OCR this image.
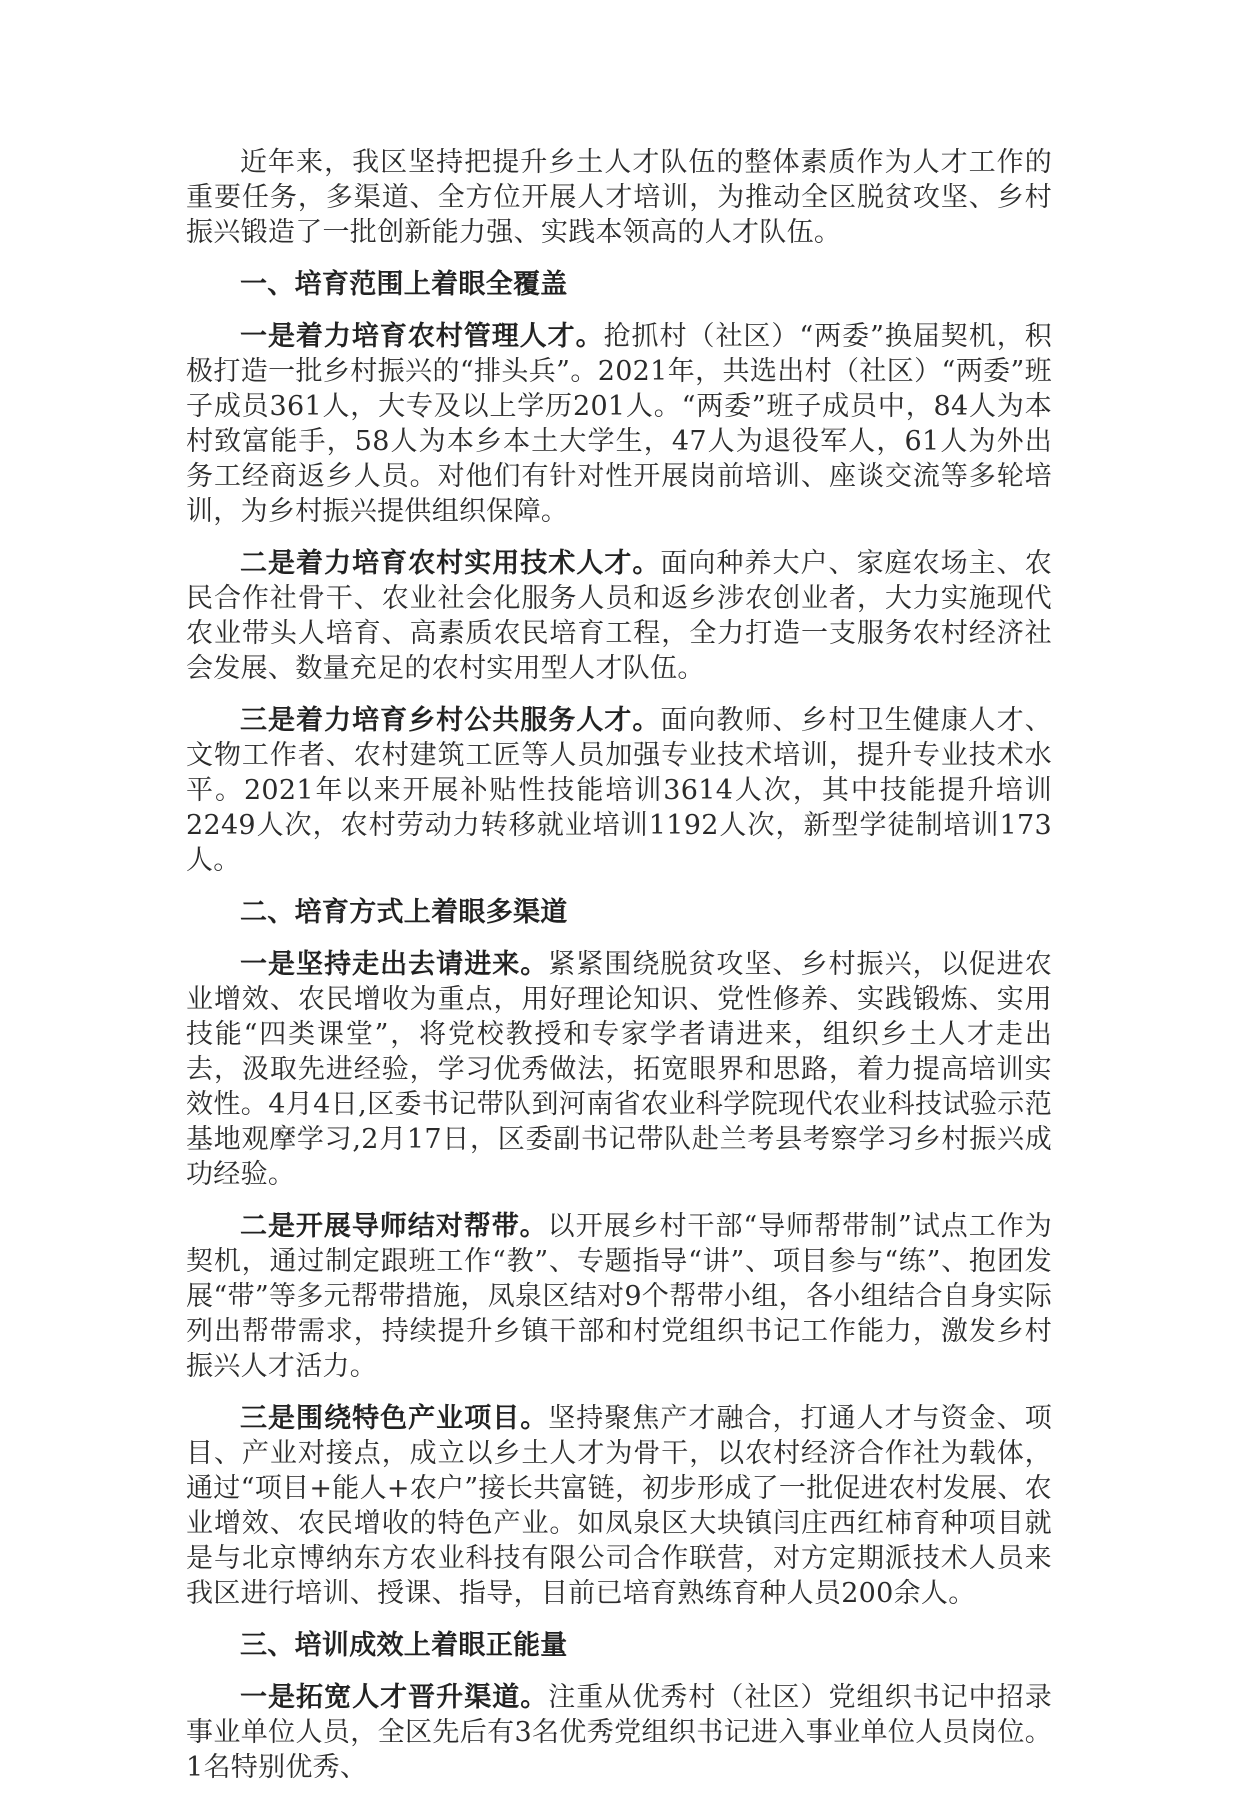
近年来，我区坚持把提升乡土人才队伍的整体素质作为人才工作的重要任务，多渠道、全方位开展人才培训，为推动全区脱贫攻坚、乡村振兴锻造了一批创新能力强、实践本领高的人才队伍。

一、培育范围上着眼全覆盖

一是着力培育农村管理人才。抢抓村（社区）“两委”换届契机，积极打造一批乡村振兴的“排头兵”。2021年，共选出村（社区）“两委”班子成员361人，大专及以上学历201人。“两委”班子成员中，84人为本村致富能手，58人为本乡本土大学生，47人为退役军人，61人为外出务工经商返乡人员。对他们有针对性开展岗前培训、座谈交流等多轮培训，为乡村振兴提供组织保障。

二是着力培育农村实用技术人才。面向种养大户、家庭农场主、农民合作社骨干、农业社会化服务人员和返乡涉农创业者，大力实施现代农业带头人培育、高素质农民培育工程，全力打造一支服务农村经济社会发展、数量充足的农村实用型人才队伍。

三是着力培育乡村公共服务人才。面向教师、乡村卫生健康人才、文物工作者、农村建筑工匠等人员加强专业技术培训，提升专业技术水平。2021年以来开展补贴性技能培训3614人次，其中技能提升培训2249人次，农村劳动力转移就业培训1192人次，新型学徒制培训173人。

二、培育方式上着眼多渠道

一是坚持走出去请进来。紧紧围绕脱贫攻坚、乡村振兴，以促进农业增效、农民增收为重点，用好理论知识、党性修养、实践锻炼、实用技能“四类课堂”，将党校教授和专家学者请进来，组织乡土人才走出去，汲取先进经验，学习优秀做法，拓宽眼界和思路，着力提高培训实效性。4月4日,区委书记带队到河南省农业科学院现代农业科技试验示范基地观摩学习,2月17日，区委副书记带队赴兰考县考察学习乡村振兴成功经验。

二是开展导师结对帮带。以开展乡村干部“导师帮带制”试点工作为契机，通过制定跟班工作“教”、专题指导“讲”、项目参与“练”、抱团发展“带”等多元帮带措施，凤泉区结对9个帮带小组，各小组结合自身实际列出帮带需求，持续提升乡镇干部和村党组织书记工作能力，激发乡村振兴人才活力。

三是围绕特色产业项目。坚持聚焦产才融合，打通人才与资金、项目、产业对接点，成立以乡土人才为骨干，以农村经济合作社为载体，通过“项目+能人+农户”接长共富链，初步形成了一批促进农村发展、农业增效、农民增收的特色产业。如凤泉区大块镇闫庄西红柿育种项目就是与北京博纳东方农业科技有限公司合作联营，对方定期派技术人员来我区进行培训、授课、指导，目前已培育熟练育种人员200余人。

三、培训成效上着眼正能量

一是拓宽人才晋升渠道。注重从优秀村（社区）党组织书记中招录事业单位人员，全区先后有3名优秀党组织书记进入事业单位人员岗位。1名特别优秀、
